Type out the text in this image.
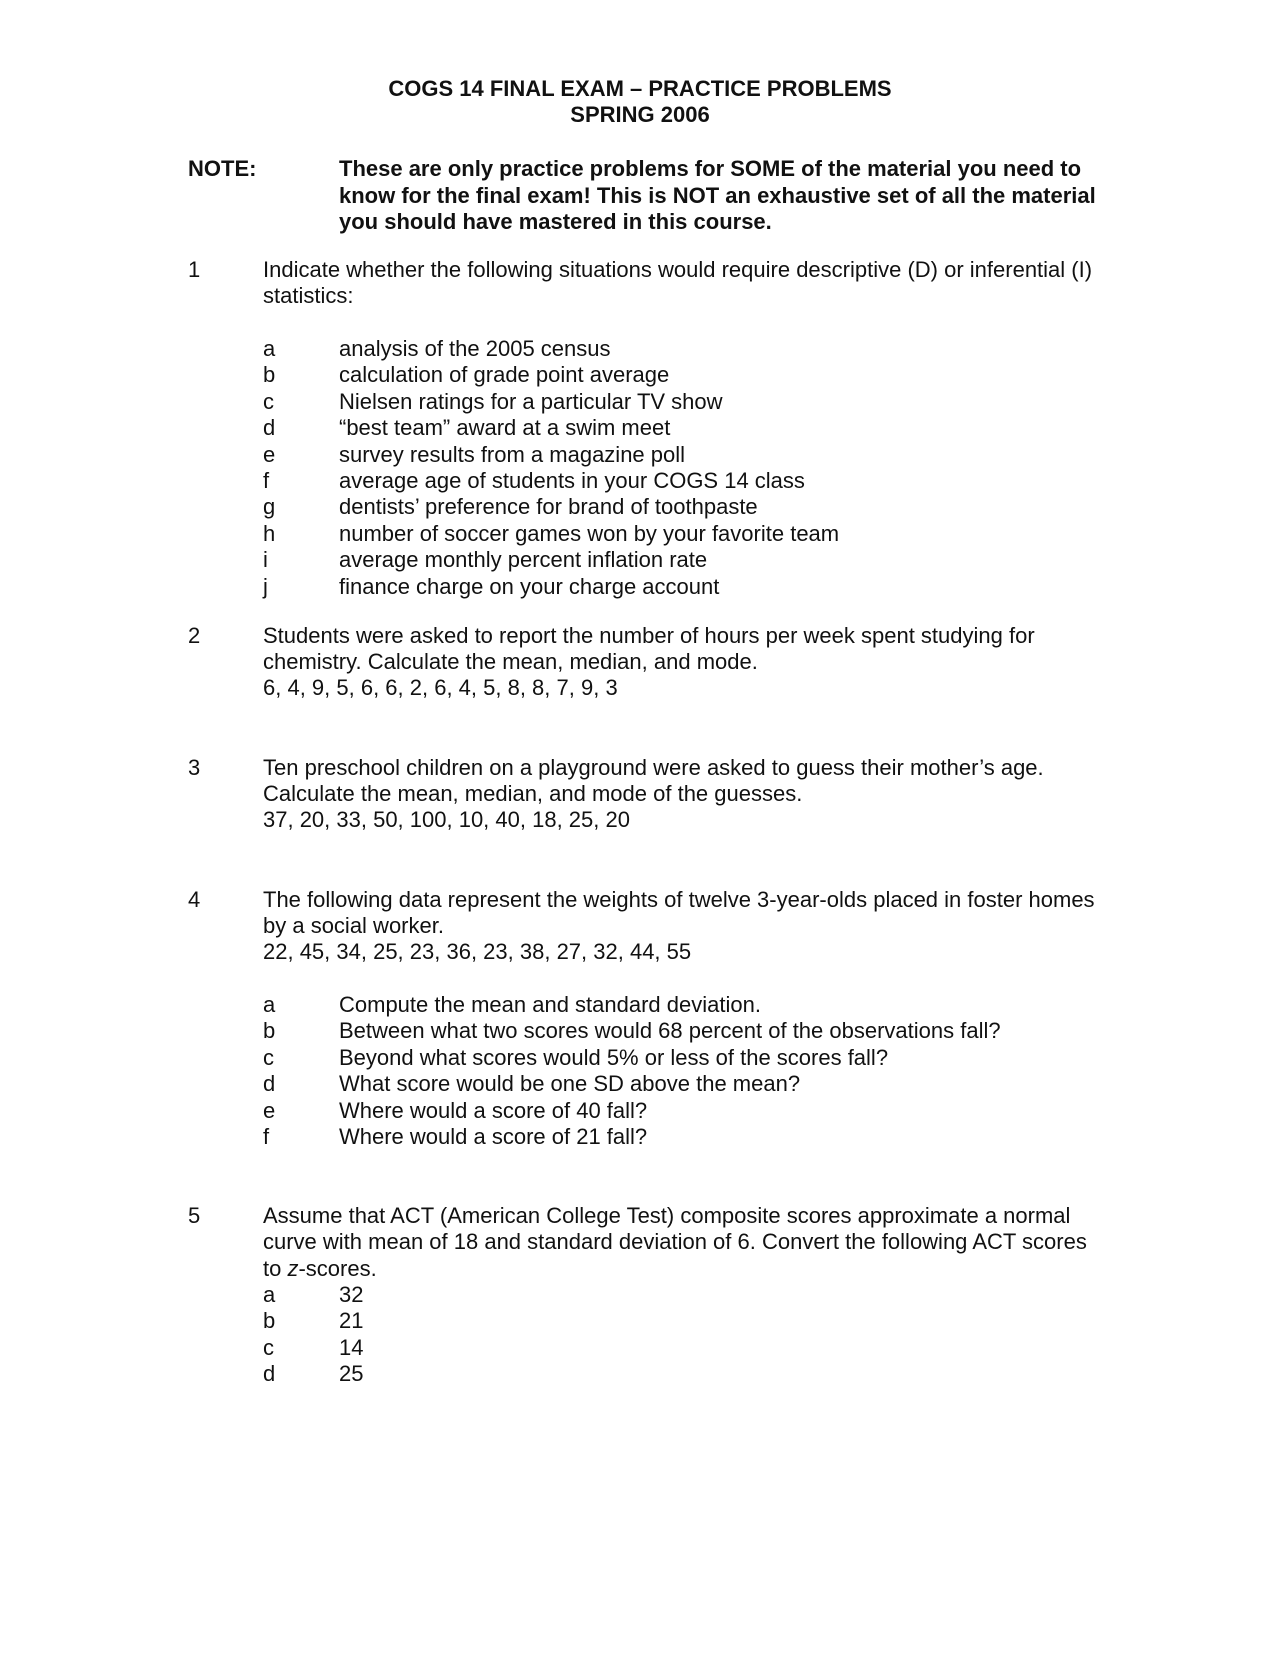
COGS 14 FINAL EXAM – PRACTICE PROBLEMS
SPRING 2006
NOTE:	These are only practice problems for SOME of the material you need to know for the final exam! This is NOT an exhaustive set of all the material you should have mastered in this course.
1	Indicate whether the following situations would require descriptive (D) or inferential (I) statistics:
a	analysis of the 2005 census
b	calculation of grade point average
c	Nielsen ratings for a particular TV show
d	“best team” award at a swim meet
e	survey results from a magazine poll
f	average age of students in your COGS 14 class
g	dentists’ preference for brand of toothpaste
h	number of soccer games won by your favorite team
i	average monthly percent inflation rate
j	finance charge on your charge account
2	Students were asked to report the number of hours per week spent studying for chemistry. Calculate the mean, median, and mode.
6, 4, 9, 5, 6, 6, 2, 6, 4, 5, 8, 8, 7, 9, 3
3	Ten preschool children on a playground were asked to guess their mother’s age. Calculate the mean, median, and mode of the guesses.
37, 20, 33, 50, 100, 10, 40, 18, 25, 20
4	The following data represent the weights of twelve 3-year-olds placed in foster homes by a social worker.
22, 45, 34, 25, 23, 36, 23, 38, 27, 32, 44, 55
a	Compute the mean and standard deviation.
b	Between what two scores would 68 percent of the observations fall?
c	Beyond what scores would 5% or less of the scores fall?
d	What score would be one SD above the mean?
e	Where would a score of 40 fall?
f	Where would a score of 21 fall?
5	Assume that ACT (American College Test) composite scores approximate a normal curve with mean of 18 and standard deviation of 6. Convert the following ACT scores to z-scores.
a	32
b	21
c	14
d	25
